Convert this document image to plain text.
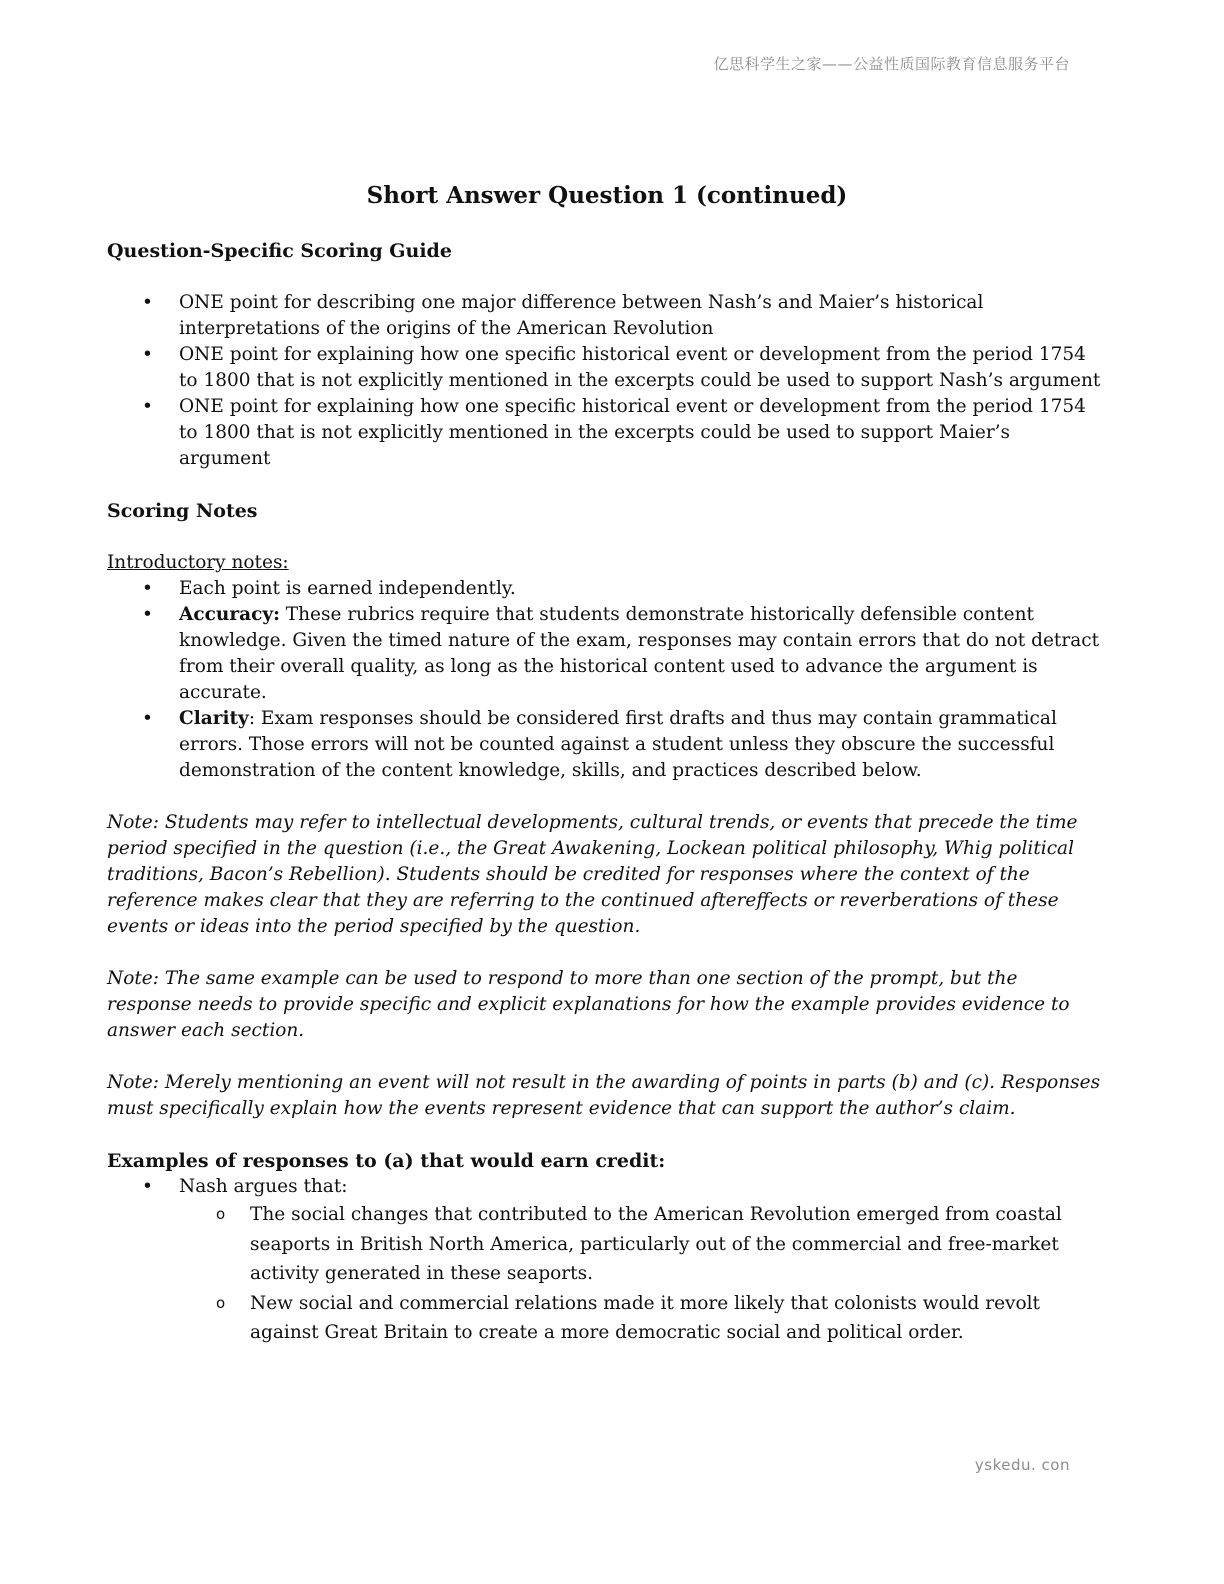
亿思科学生之家——公益性质国际教育信息服务平台
Short Answer Question 1 (continued)
Question-Specific Scoring Guide
• ONE point for describing one major difference between Nash’s and Maier’s historical interpretations of the origins of the American Revolution
• ONE point for explaining how one specific historical event or development from the period 1754 to 1800 that is not explicitly mentioned in the excerpts could be used to support Nash’s argument
• ONE point for explaining how one specific historical event or development from the period 1754 to 1800 that is not explicitly mentioned in the excerpts could be used to support Maier’s argument
Scoring Notes
Introductory notes:
• Each point is earned independently.
• Accuracy: These rubrics require that students demonstrate historically defensible content knowledge. Given the timed nature of the exam, responses may contain errors that do not detract from their overall quality, as long as the historical content used to advance the argument is accurate.
• Clarity: Exam responses should be considered first drafts and thus may contain grammatical errors. Those errors will not be counted against a student unless they obscure the successful demonstration of the content knowledge, skills, and practices described below.

Note: Students may refer to intellectual developments, cultural trends, or events that precede the time period specified in the question (i.e., the Great Awakening, Lockean political philosophy, Whig political traditions, Bacon’s Rebellion). Students should be credited for responses where the context of the reference makes clear that they are referring to the continued aftereffects or reverberations of these events or ideas into the period specified by the question.

Note: The same example can be used to respond to more than one section of the prompt, but the response needs to provide specific and explicit explanations for how the example provides evidence to answer each section.

Note: Merely mentioning an event will not result in the awarding of points in parts (b) and (c). Responses must specifically explain how the events represent evidence that can support the author’s claim.

Examples of responses to (a) that would earn credit:
• Nash argues that:
o The social changes that contributed to the American Revolution emerged from coastal seaports in British North America, particularly out of the commercial and free-market activity generated in these seaports.
o New social and commercial relations made it more likely that colonists would revolt against Great Britain to create a more democratic social and political order.
yskedu. con
